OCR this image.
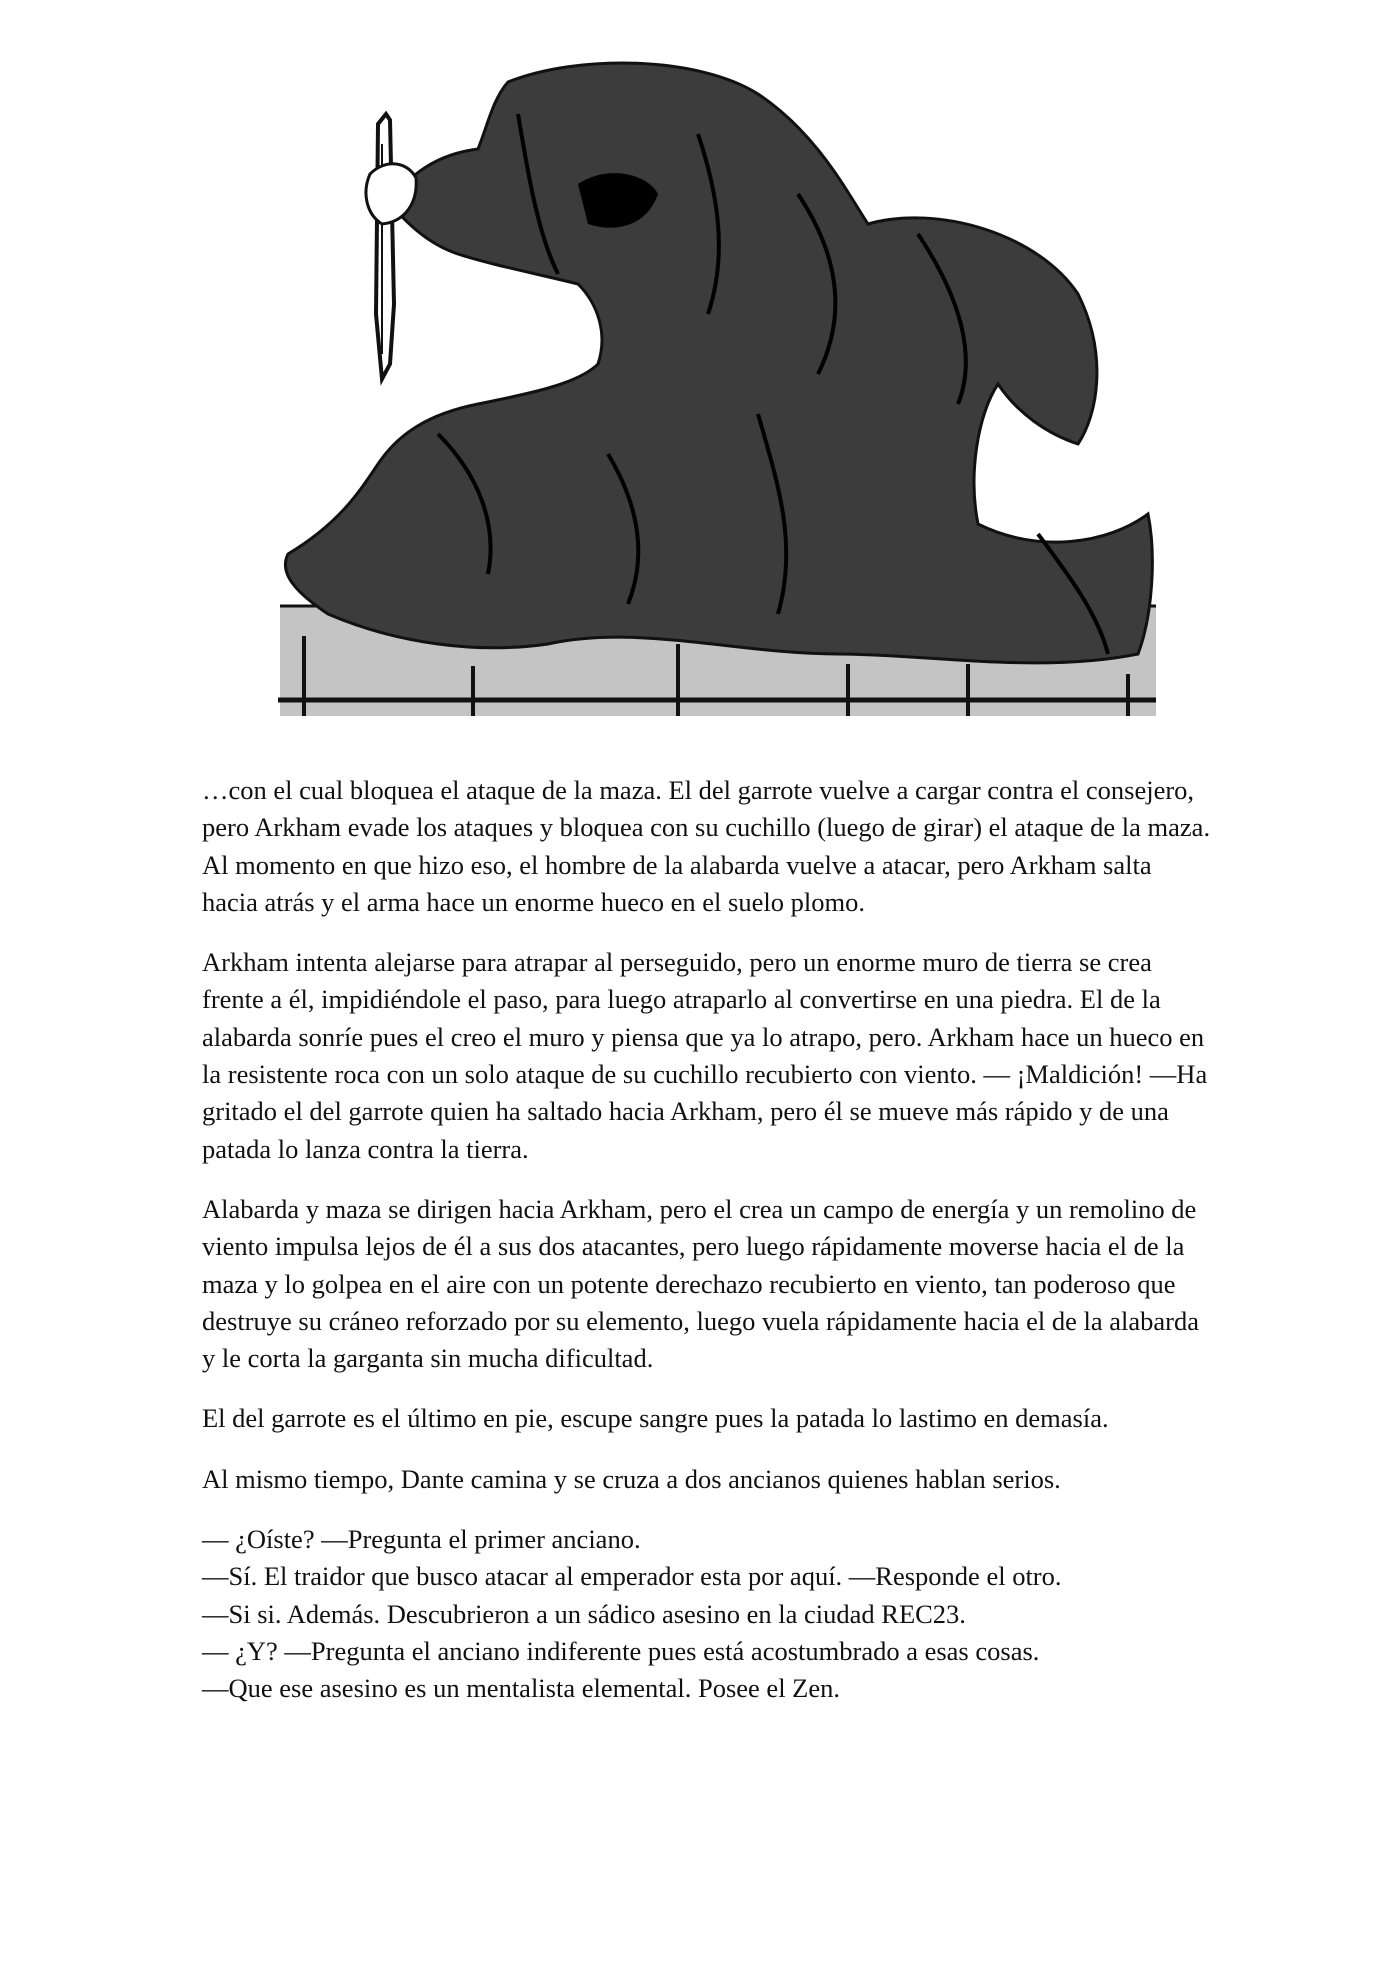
…con el cual bloquea el ataque de la maza. El del garrote vuelve a cargar contra el consejero, pero Arkham evade los ataques y bloquea con su cuchillo (luego de girar) el ataque de la maza. Al momento en que hizo eso, el hombre de la alabarda vuelve a atacar, pero Arkham salta hacia atrás y el arma hace un enorme hueco en el suelo plomo.

Arkham intenta alejarse para atrapar al perseguido, pero un enorme muro de tierra se crea frente a él, impidiéndole el paso, para luego atraparlo al convertirse en una piedra. El de la alabarda sonríe pues el creo el muro y piensa que ya lo atrapo, pero. Arkham hace un hueco en la resistente roca con un solo ataque de su cuchillo recubierto con viento. — ¡Maldición! —Ha gritado el del garrote quien ha saltado hacia Arkham, pero él se mueve más rápido y de una patada lo lanza contra la tierra.

Alabarda y maza se dirigen hacia Arkham, pero el crea un campo de energía y un remolino de viento impulsa lejos de él a sus dos atacantes, pero luego rápidamente moverse hacia el de la maza y lo golpea en el aire con un potente derechazo recubierto en viento, tan poderoso que destruye su cráneo reforzado por su elemento, luego vuela rápidamente hacia el de la alabarda y le corta la garganta sin mucha dificultad.

El del garrote es el último en pie, escupe sangre pues la patada lo lastimo en demasía.

Al mismo tiempo, Dante camina y se cruza a dos ancianos quienes hablan serios.

— ¿Oíste? —Pregunta el primer anciano.
—Sí. El traidor que busco atacar al emperador esta por aquí. —Responde el otro.
—Si si. Además. Descubrieron a un sádico asesino en la ciudad REC23.
— ¿Y? —Pregunta el anciano indiferente pues está acostumbrado a esas cosas.
—Que ese asesino es un mentalista elemental. Posee el Zen.
